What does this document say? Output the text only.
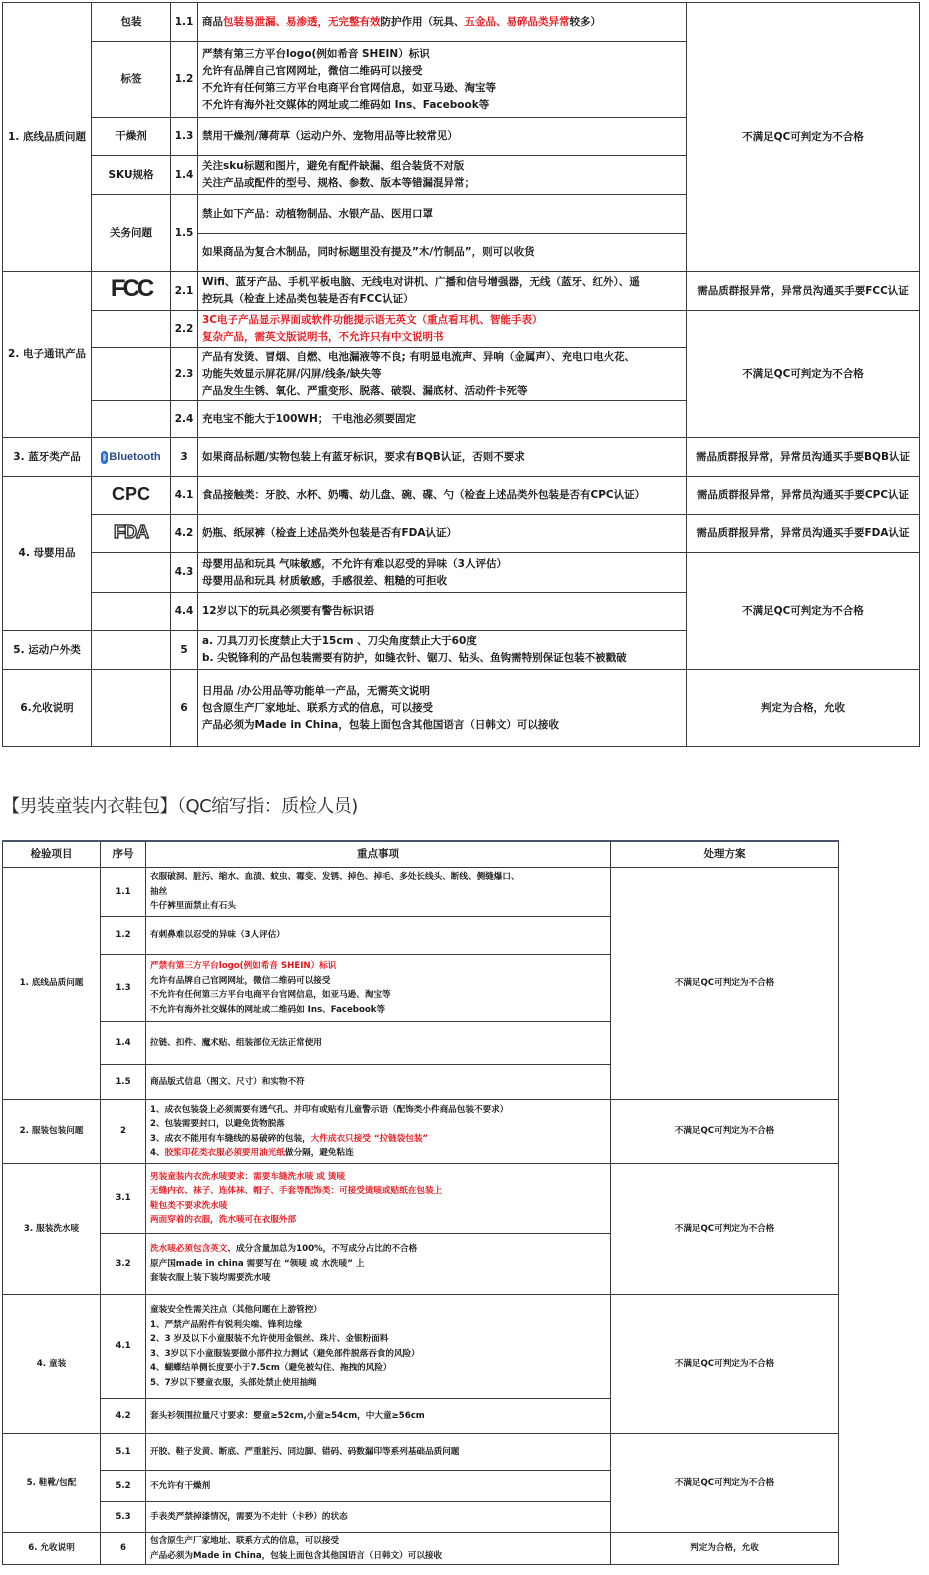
1. 底线品质问题	包装	1.1	商品包装易泄漏、易渗透，无完整有效防护作用（玩具、五金品、易碎品类异常较多）	不满足QC可判定为不合格
	标签	1.2	严禁有第三方平台logo(例如希音 SHEIN）标识
允许有品牌自己官网网址，微信二维码可以接受
不允许有任何第三方平台电商平台官网信息，如亚马逊、淘宝等
不允许有海外社交媒体的网址或二维码如 Ins、Facebook等	

	干燥剂	1.3	禁用干燥剂/薄荷草（运动户外、宠物用品等比较常见）	
	SKU规格	1.4	关注sku标题和图片，避免有配件缺漏、组合装货不对版
关注产品或配件的型号、规格、参数、版本等错漏混异常；	

	关务问题	1.5	禁止如下产品：动植物制品、水银产品、医用口罩	
			如果商品为复合木制品，同时标题里没有提及”木/竹制品”，则可以收货	
2. 电子通讯产品	FCC	2.1	Wifi、蓝牙产品、手机平板电脑、无线电对讲机、广播和信号增强器，无线（蓝牙、红外）、遥
控玩具（检查上述品类包装是否有FCC认证）	需品质群报异常，异常员沟通买手要FCC认证
		2.2	3C电子产品显示界面或软件功能提示语无英文（重点看耳机、智能手表）
复杂产品，需英文版说明书，不允许只有中文说明书	不满足QC可判定为不合格
		2.3	产品有发烫、冒烟、自燃、电池漏液等不良; 有明显电流声、异响（金属声）、充电口电火花、
功能失效显示屏花屏/闪屏/线条/缺失等
产品发生生锈、氧化、严重变形、脱落、破裂、漏底材、活动件卡死等	

		2.4	充电宝不能大于100WH； 干电池必须要固定	
3. 蓝牙类产品	ᛒ Bluetooth	3	如果商品标题/实物包装上有蓝牙标识，要求有BQB认证，否则不要求	需品质群报异常，异常员沟通买手要BQB认证
4. 母婴用品	CPC	4.1	食品接触类：牙胶、水杯、奶嘴、幼儿盘、碗、碟、勺（检查上述品类外包装是否有CPC认证）	需品质群报异常，异常员沟通买手要CPC认证
	FDA	4.2	奶瓶、纸尿裤（检查上述品类外包装是否有FDA认证）	需品质群报异常，异常员沟通买手要FDA认证
		4.3	母婴用品和玩具 气味敏感，不允许有难以忍受的异味（3人评估）
母婴用品和玩具 材质敏感，手感很差、粗糙的可拒收	不满足QC可判定为不合格
		4.4	12岁以下的玩具必须要有警告标识语	
5. 运动户外类		5	a. 刀具刀刃长度禁止大于15cm 、刀尖角度禁止大于60度
b. 尖锐锋利的产品包装需要有防护，如缝衣针、锯刀、钻头、鱼钩需特别保证包装不被戳破	

6.允收说明		6	日用品 /办公用品等功能单一产品，无需英文说明
包含原生产厂家地址、联系方式的信息，可以接受
产品必须为Made in China，包装上面包含其他国语言（日韩文）可以接收	判定为合格，允收
【男装童装内衣鞋包】（QC缩写指：质检人员)
检验项目	序号	重点事项	处理方案
1. 底线品质问题	1.1	衣服破洞、脏污、缩水、血渍、蚊虫、霉变、发锈、掉色、掉毛、多处长线头、断线、侧缝爆口、
抽丝
牛仔裤里面禁止有石头	不满足QC可判定为不合格
	1.2	有刺鼻难以忍受的异味（3人评估）	
	1.3	严禁有第三方平台logo(例如希音 SHEIN）标识
允许有品牌自己官网网址，微信二维码可以接受
不允许有任何第三方平台电商平台官网信息，如亚马逊、淘宝等
不允许有海外社交媒体的网址或二维码如 Ins、Facebook等	

	1.4	拉链、扣件、魔术贴、组装部位无法正常使用	
	1.5	商品版式信息（图文、尺寸）和实物不符	
2. 服装包装问题	2	1、成衣包装袋上必须需要有透气孔、并印有或贴有儿童警示语（配饰类小件商品包装不要求）
2、包装需要封口，以避免货物脱落
3、成衣不能用有车缝线的易破碎的包装，大件成衣只接受 “拉链袋包装”
4、胶浆印花类衣服必须要用油光纸做分隔，避免粘连	不满足QC可判定为不合格
3. 服装洗水唛	3.1	男装童装内衣洗水唛要求：需要车缝洗水唛 或 烫唛
无缝内衣、袜子、连体袜、帽子、手套等配饰类：可接受烫唛或贴纸在包装上
鞋包类不要求洗水唛
两面穿着的衣服，洗水唛可在衣服外部	不满足QC可判定为不合格
	3.2	洗水唛必须包含英文、成分含量加总为100%，不写成分占比的不合格
原产国made in china 需要写在 “领唛 或 水洗唛” 上
套装衣服上装下装均需要洗水唛	

4. 童装	4.1	
童装安全性需关注点（其他问题在上游管控）
1、严禁产品附件有锐利尖端、锋利边缘
2、3 岁及以下小童服装不允许使用金银丝、珠片、金银粉面料
3、3岁以下小童服装要做小部件拉力测试（避免部件脱落吞食的风险）
4、蝴蝶结单侧长度要小于7.5cm（避免被勾住、拖拽的风险）
5、7岁以下婴童衣服，头部处禁止使用抽绳
	不满足QC可判定为不合格
	4.2	套头衫领围拉量尺寸要求：婴童≥52cm,小童≥54cm，中大童≥56cm	
5. 鞋靴/包配	5.1	开胶、鞋子发黄、断底、严重脏污、同边脚、错码、码数漏印等系列基础品质问题	不满足QC可判定为不合格
	5.2	不允许有干燥剂	
	5.3	手表类严禁掉漆情况，需要为不走针（卡秒）的状态	
6. 允收说明	6	包含原生产厂家地址、联系方式的信息，可以接受
产品必须为Made in China，包装上面包含其他国语言（日韩文）可以接收	判定为合格，允收
